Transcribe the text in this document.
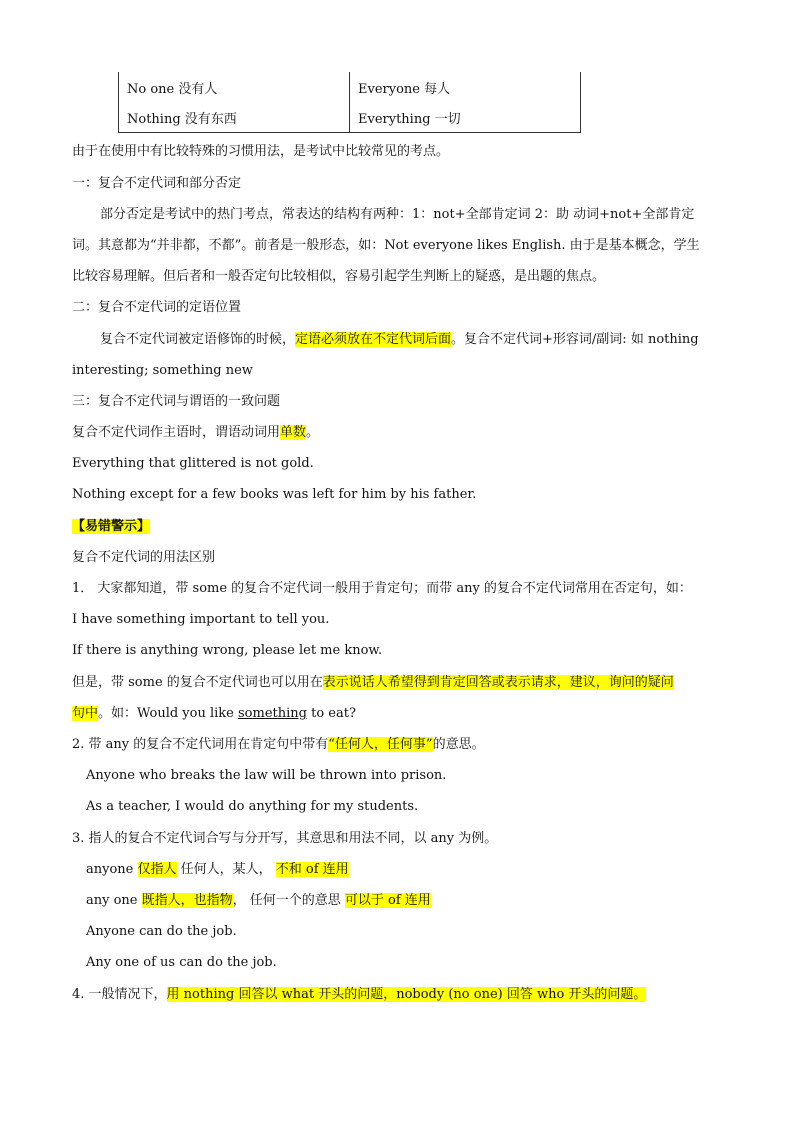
No one 没有人	Everyone 每人
Nothing 没有东西	Everything 一切
由于在使用中有比较特殊的习惯用法，是考试中比较常见的考点。
一：复合不定代词和部分否定
部分否定是考试中的热门考点，常表达的结构有两种：1：not+全部肯定词 2：助 动词+not+全部肯定
词。其意都为“并非都，不都”。前者是一般形态，如：Not everyone likes English. 由于是基本概念，学生
比较容易理解。但后者和一般否定句比较相似，容易引起学生判断上的疑惑，是出题的焦点。
二：复合不定代词的定语位置
复合不定代词被定语修饰的时候，定语必须放在不定代词后面。复合不定代词+形容词/副词: 如 nothing
interesting; something new
三：复合不定代词与谓语的一致问题
复合不定代词作主语时，谓语动词用单数。
Everything that glittered is not gold.
Nothing except for a few books was left for him by his father.
【易错警示】
复合不定代词的用法区别
1． 大家都知道，带 some 的复合不定代词一般用于肯定句；而带 any 的复合不定代词常用在否定句，如：
I have something important to tell you.
If there is anything wrong, please let me know.
但是，带 some 的复合不定代词也可以用在表示说话人希望得到肯定回答或表示请求，建议，询问的疑问
句中。如：Would you like something to eat?
2. 带 any 的复合不定代词用在肯定句中带有“任何人，任何事”的意思。
Anyone who breaks the law will be thrown into prison.
As a teacher, I would do anything for my students.
3. 指人的复合不定代词合写与分开写，其意思和用法不同，以 any 为例。
anyone 仅指人 任何人，某人， 不和 of 连用
any one 既指人，也指物， 任何一个的意思 可以于 of 连用
Anyone can do the job.
Any one of us can do the job.
4. 一般情况下，用 nothing 回答以 what 开头的问题，nobody (no one) 回答 who 开头的问题。
